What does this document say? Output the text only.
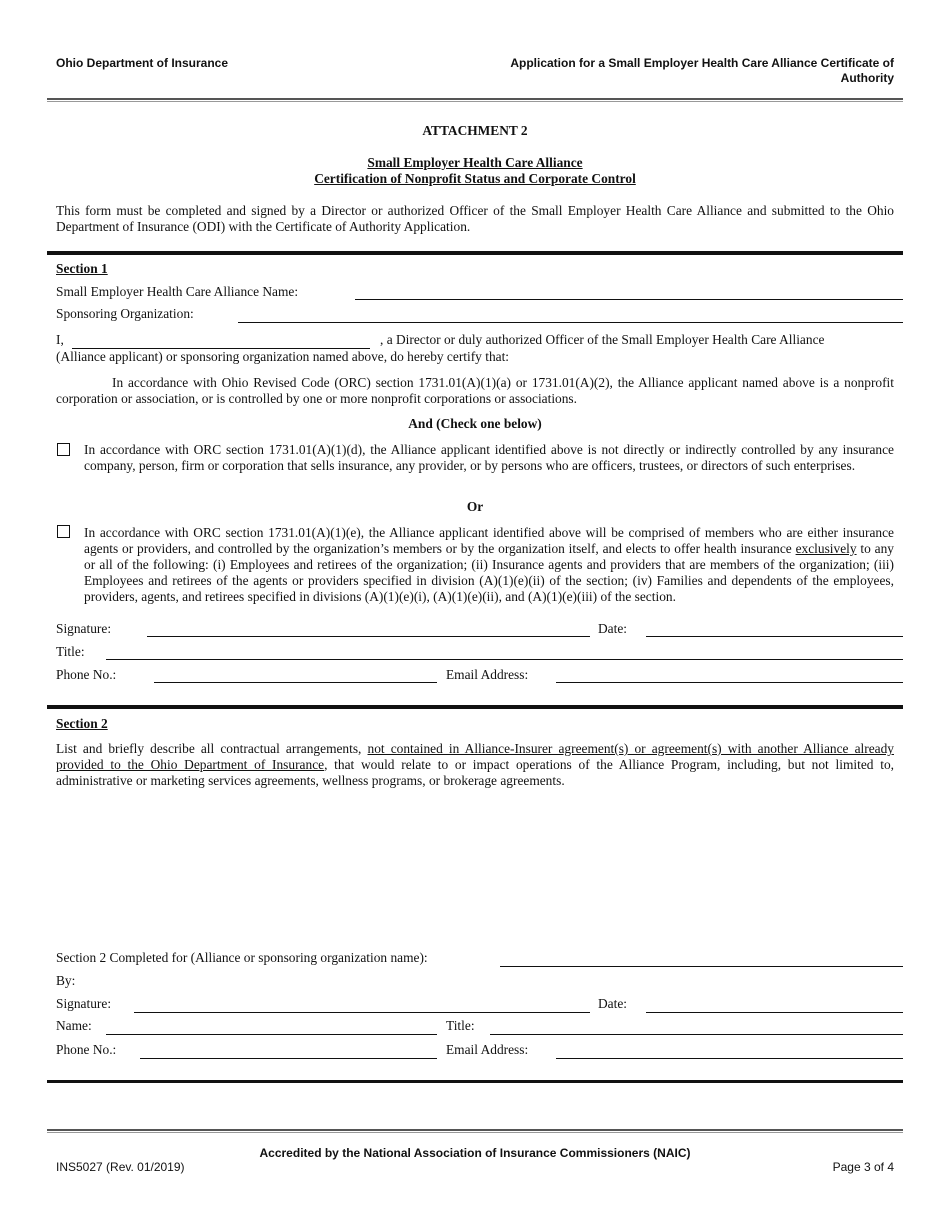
Ohio Department of Insurance	Application for a Small Employer Health Care Alliance Certificate of
Authority
ATTACHMENT 2
Small Employer Health Care Alliance
Certification of Nonprofit Status and Corporate Control
This form must be completed and signed by a Director or authorized Officer of the Small Employer Health Care Alliance and submitted to the Ohio Department of Insurance (ODI) with the Certificate of Authority Application.
Section 1
Small Employer Health Care Alliance Name:
Sponsoring Organization:
I,	, a Director or duly authorized Officer of the Small Employer Health Care Alliance
(Alliance applicant) or sponsoring organization named above, do hereby certify that:
In accordance with Ohio Revised Code (ORC) section 1731.01(A)(1)(a) or 1731.01(A)(2), the Alliance applicant named above is a nonprofit corporation or association, or is controlled by one or more nonprofit corporations or associations.
And (Check one below)
In accordance with ORC section 1731.01(A)(1)(d), the Alliance applicant identified above is not directly or indirectly controlled by any insurance company, person, firm or corporation that sells insurance, any provider, or by persons who are officers, trustees, or directors of such enterprises.
Or
In accordance with ORC section 1731.01(A)(1)(e), the Alliance applicant identified above will be comprised of members who are either insurance agents or providers, and controlled by the organization’s members or by the organization itself, and elects to offer health insurance exclusively to any or all of the following: (i) Employees and retirees of the organization; (ii) Insurance agents and providers that are members of the organization; (iii) Employees and retirees of the agents or providers specified in division (A)(1)(e)(ii) of the section; (iv) Families and dependents of the employees, providers, agents, and retirees specified in divisions (A)(1)(e)(i), (A)(1)(e)(ii), and (A)(1)(e)(iii) of the section.
Signature:	Date:
Title:
Phone No.:	Email Address:
Section 2
List and briefly describe all contractual arrangements, not contained in Alliance-Insurer agreement(s) or agreement(s) with another Alliance already provided to the Ohio Department of Insurance, that would relate to or impact operations of the Alliance Program, including, but not limited to, administrative or marketing services agreements, wellness programs, or brokerage agreements.
Section 2 Completed for (Alliance or sponsoring organization name):
By:
Signature:	Date:
Name:	Title:
Phone No.:	Email Address:
Accredited by the National Association of Insurance Commissioners (NAIC)
INS5027 (Rev. 01/2019)	Page 3 of 4
